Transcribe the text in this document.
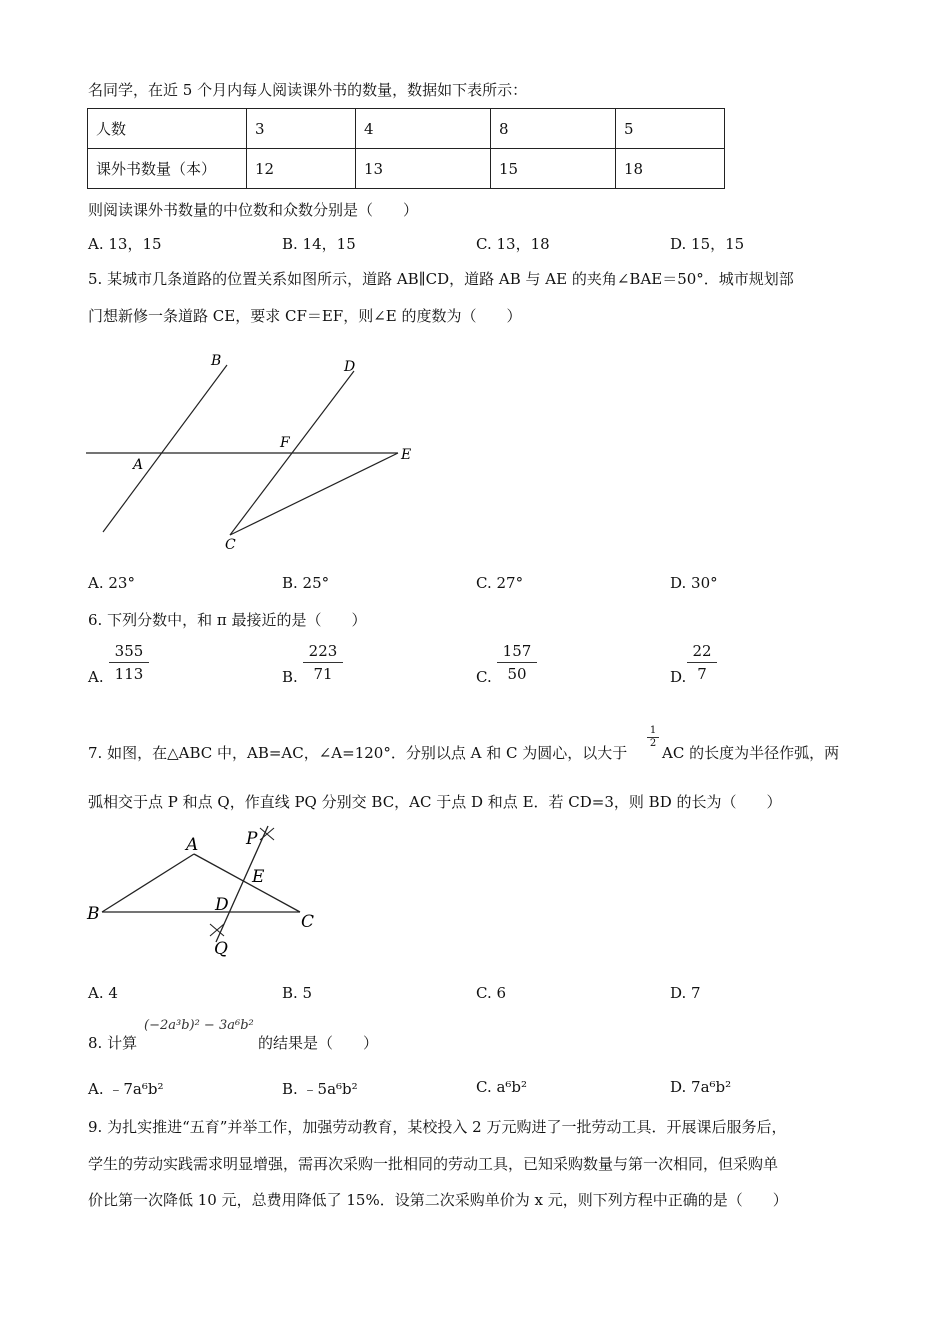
名同学，在近 5 个月内每人阅读课外书的数量，数据如下表所示：
人数	3	4	8	5
课外书数量（本）	12	13	15	18
则阅读课外书数量的中位数和众数分别是（　　）
A. 13，15	B. 14，15	C. 13，18	D. 15，15
5. 某城市几条道路的位置关系如图所示，道路 AB∥CD，道路 AB 与 AE 的夹角∠BAE＝50°．城市规划部
门想新修一条道路 CE，要求 CF＝EF，则∠E 的度数为（　　）
B	D
F
A
E
C
A. 23°	B. 25°	C. 27°	D. 30°
6. 下列分数中，和 π 最接近的是（　　）
A. $\frac{355}{113}$	B. $\frac{223}{71}$	C. $\frac{157}{50}$	D. $\frac{22}{7}$
7. 如图，在△ABC 中，AB=AC，∠A=120°．分别以点 A 和 C 为圆心，以大于
$\frac{1}{2}$
AC 的长度为半径作弧，两
弧相交于点 P 和点 Q，作直线 PQ 分别交 BC，AC 于点 D 和点 E．若 CD=3，则 BD 的长为（　　）
A	P
E
B	D
C
Q
A. 4	B. 5	C. 6	D. 7
8. 计算
(−2a³b)² − 3a⁶b²
的结果是（　　）
A. ﹣7a⁶b²	B. ﹣5a⁶b²	C. a⁶b²	D. 7a⁶b²
9. 为扎实推进“五育”并举工作，加强劳动教育，某校投入 2 万元购进了一批劳动工具．开展课后服务后，
学生的劳动实践需求明显增强，需再次采购一批相同的劳动工具，已知采购数量与第一次相同，但采购单
价比第一次降低 10 元，总费用降低了 15%．设第二次采购单价为 x 元，则下列方程中正确的是（　　）
